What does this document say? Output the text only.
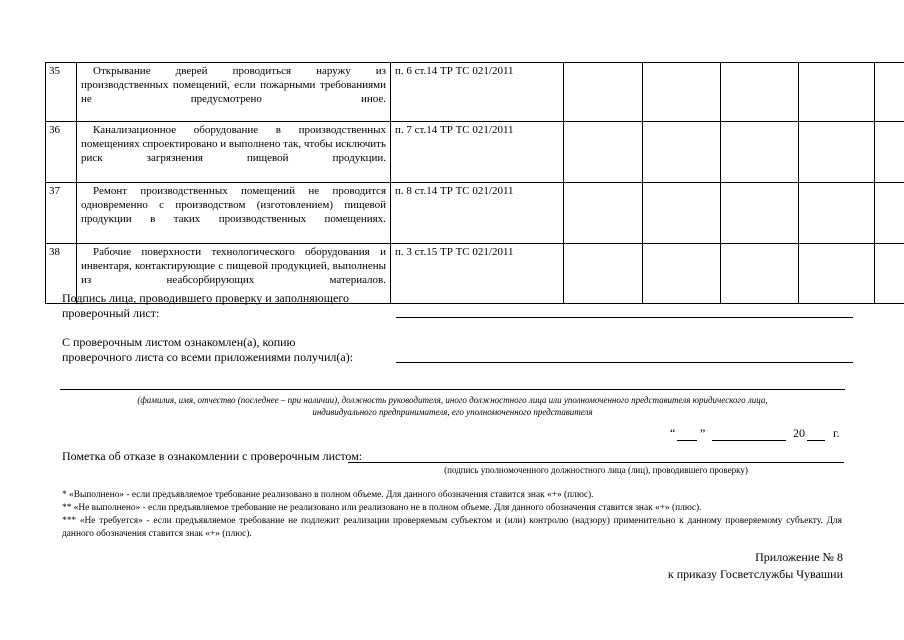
35	Открывание дверей проводиться наружу из производственных помещений, если пожарными требованиями не предусмотрено иное.	п. 6 ст.14 ТР ТС 021/2011					
36	Канализационное оборудование в производственных помещениях спроектировано и выполнено так, чтобы исключить риск загрязнения пищевой продукции.	п. 7 ст.14 ТР ТС 021/2011					
37	Ремонт производственных помещений не проводится одновременно с производством (изготовлением) пищевой продукции в таких производственных помещениях.	п. 8 ст.14 ТР ТС 021/2011					
38	Рабочие поверхности технологического оборудования и инвентаря, контактирующие с пищевой продукцией, выполнены из неабсорбирующих материалов.	п. 3 ст.15 ТР ТС 021/2011					
Подпись лица, проводившего проверку и заполняющего
проверочный лист:
С проверочным листом ознакомлен(а), копию
проверочного листа со всеми приложениями получил(а):
(фамилия, имя, отчество (последнее – при наличии), должность руководителя, иного должностного лица или уполномоченного представителя юридического лица,
индивидуального предпринимателя, его уполномоченного представителя
“ ”	20 г.
Пометка об отказе в ознакомлении с проверочным листом:
(подпись уполномоченного должностного лица (лиц), проводившего проверку)
* «Выполнено» - если предъявляемое требование реализовано в полном объеме. Для данного обозначения ставится знак «+» (плюс).
** «Не выполнено» - если предъявляемое требование не реализовано или реализовано не в полном объеме. Для данного обозначения ставится знак «+» (плюс).
*** «Не требуется» - если предъявляемое требование не подлежит реализации проверяемым субъектом и (или) контролю (надзору) применительно к данному проверяемому субъекту. Для данного обозначения ставится знак «+» (плюс).
Приложение № 8
к приказу Госветслужбы Чувашии
